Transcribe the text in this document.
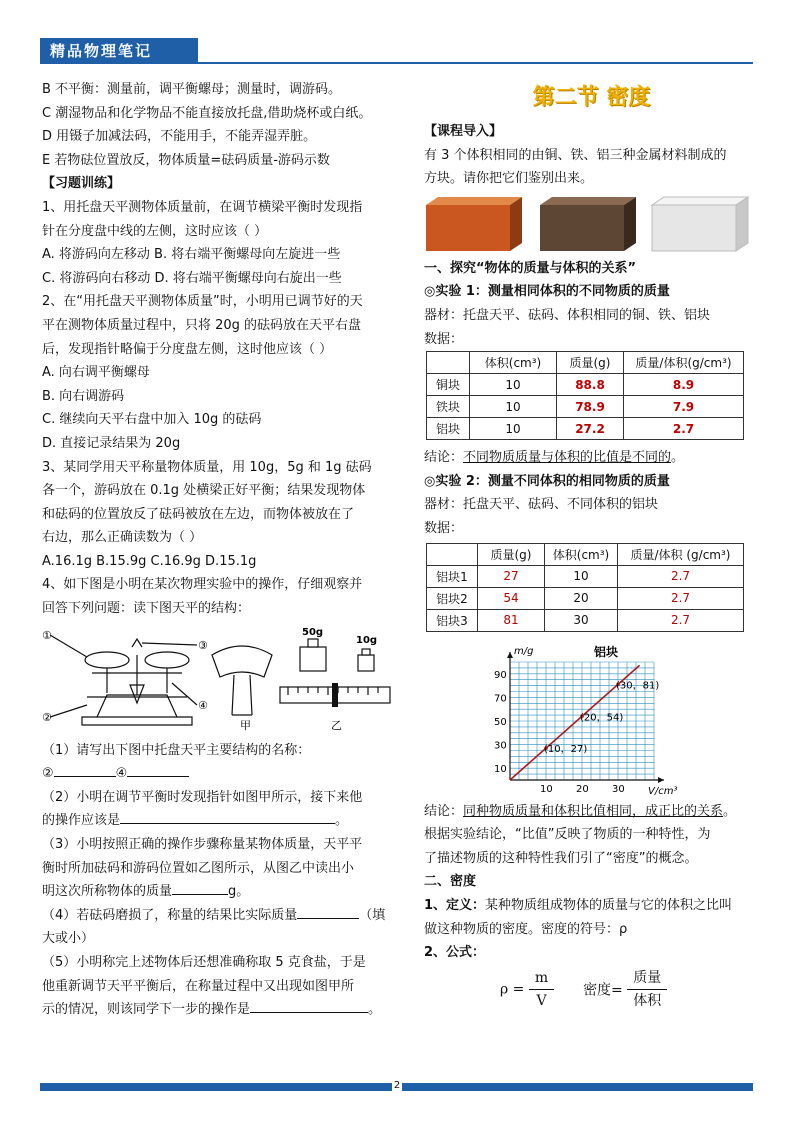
精品物理笔记
B 不平衡：测量前，调平衡螺母；测量时，调游码。
C 潮湿物品和化学物品不能直接放托盘,借助烧杯或白纸。
D 用镊子加减法码，不能用手，不能弄湿弄脏。
E 若物砝位置放反，物体质量=砝码质量-游码示数
【习题训练】
1、用托盘天平测物体质量前，在调节横梁平衡时发现指
针在分度盘中线的左侧，这时应该（ ）
A. 将游码向左移动 B. 将右端平衡螺母向左旋进一些
C. 将游码向右移动 D. 将右端平衡螺母向右旋出一些
2、在“用托盘天平测物体质量”时，小明用已调节好的天
平在测物体质量过程中，只将 20g 的砝码放在天平右盘
后，发现指针略偏于分度盘左侧，这时他应该（ ）
A. 向右调平衡螺母
B. 向右调游码
C. 继续向天平右盘中加入 10g 的砝码
D. 直接记录结果为 20g
3、某同学用天平称量物体质量，用 10g，5g 和 1g 砝码
各一个，游码放在 0.1g 处横梁正好平衡；结果发现物体
和砝码的位置放反了砝码被放在左边，而物体被放在了
右边，那么正确读数为（ ）
A.16.1g B.15.9g C.16.9g D.15.1g
4、如下图是小明在某次物理实验中的操作，仔细观察并
回答下列问题：读下图天平的结构：
①
②
③
④
甲
50g
10g
乙
（1）请写出下图中托盘天平主要结构的名称：
②	④
（2）小明在调节平衡时发现指针如图甲所示，接下来他
的操作应该是	。
（3）小明按照正确的操作步骤称量某物体质量，天平平
衡时所加砝码和游码位置如乙图所示，从图乙中读出小
明这次所称物体的质量	g。
（4）若砝码磨损了，称量的结果比实际质量	（填
大或小）
（5）小明称完上述物体后还想准确称取 5 克食盐，于是
他重新调节天平平衡后，在称量过程中又出现如图甲所
示的情况，则该同学下一步的操作是	。
第二节 密度
【课程导入】
有 3 个体积相同的由铜、铁、铝三种金属材料制成的
方块。请你把它们鉴别出来。
一、探究“物体的质量与体积的关系”
◎实验 1：测量相同体积的不同物质的质量
器材：托盘天平、砝码、体积相同的铜、铁、铝块
数据：
	体积(cm³)	质量(g)	质量/体积(g/cm³)
铜块	10	88.8	8.9
铁块	10	78.9	7.9
铝块	10	27.2	2.7
结论：不同物质质量与体积的比值是不同的。
◎实验 2：测量不同体积的相同物质的质量
器材：托盘天平、砝码、不同体积的铝块
数据：
	质量(g)	体积(cm³)	质量/体积 (g/cm³)
铝块1	27	10	2.7
铝块2	54	20	2.7
铝块3	81	30	2.7
10 20 30
10
30
50
70
90
m/g
V/cm³
铝块
(10，27)
(20，54)
(30，81)
结论：同种物质质量和体积比值相同，成正比的关系。
根据实验结论，“比值”反映了物质的一种特性，为
了描述物质的这种特性我们引了“密度”的概念。
二、密度
1、定义：某种物质组成物体的质量与它的体积之比叫
做这种物质的密度。密度的符号：ρ
2、公式：
$\rho = \frac{m}{V}$ 密度= $\frac{\text{质量}}{\text{体积}}$
2
